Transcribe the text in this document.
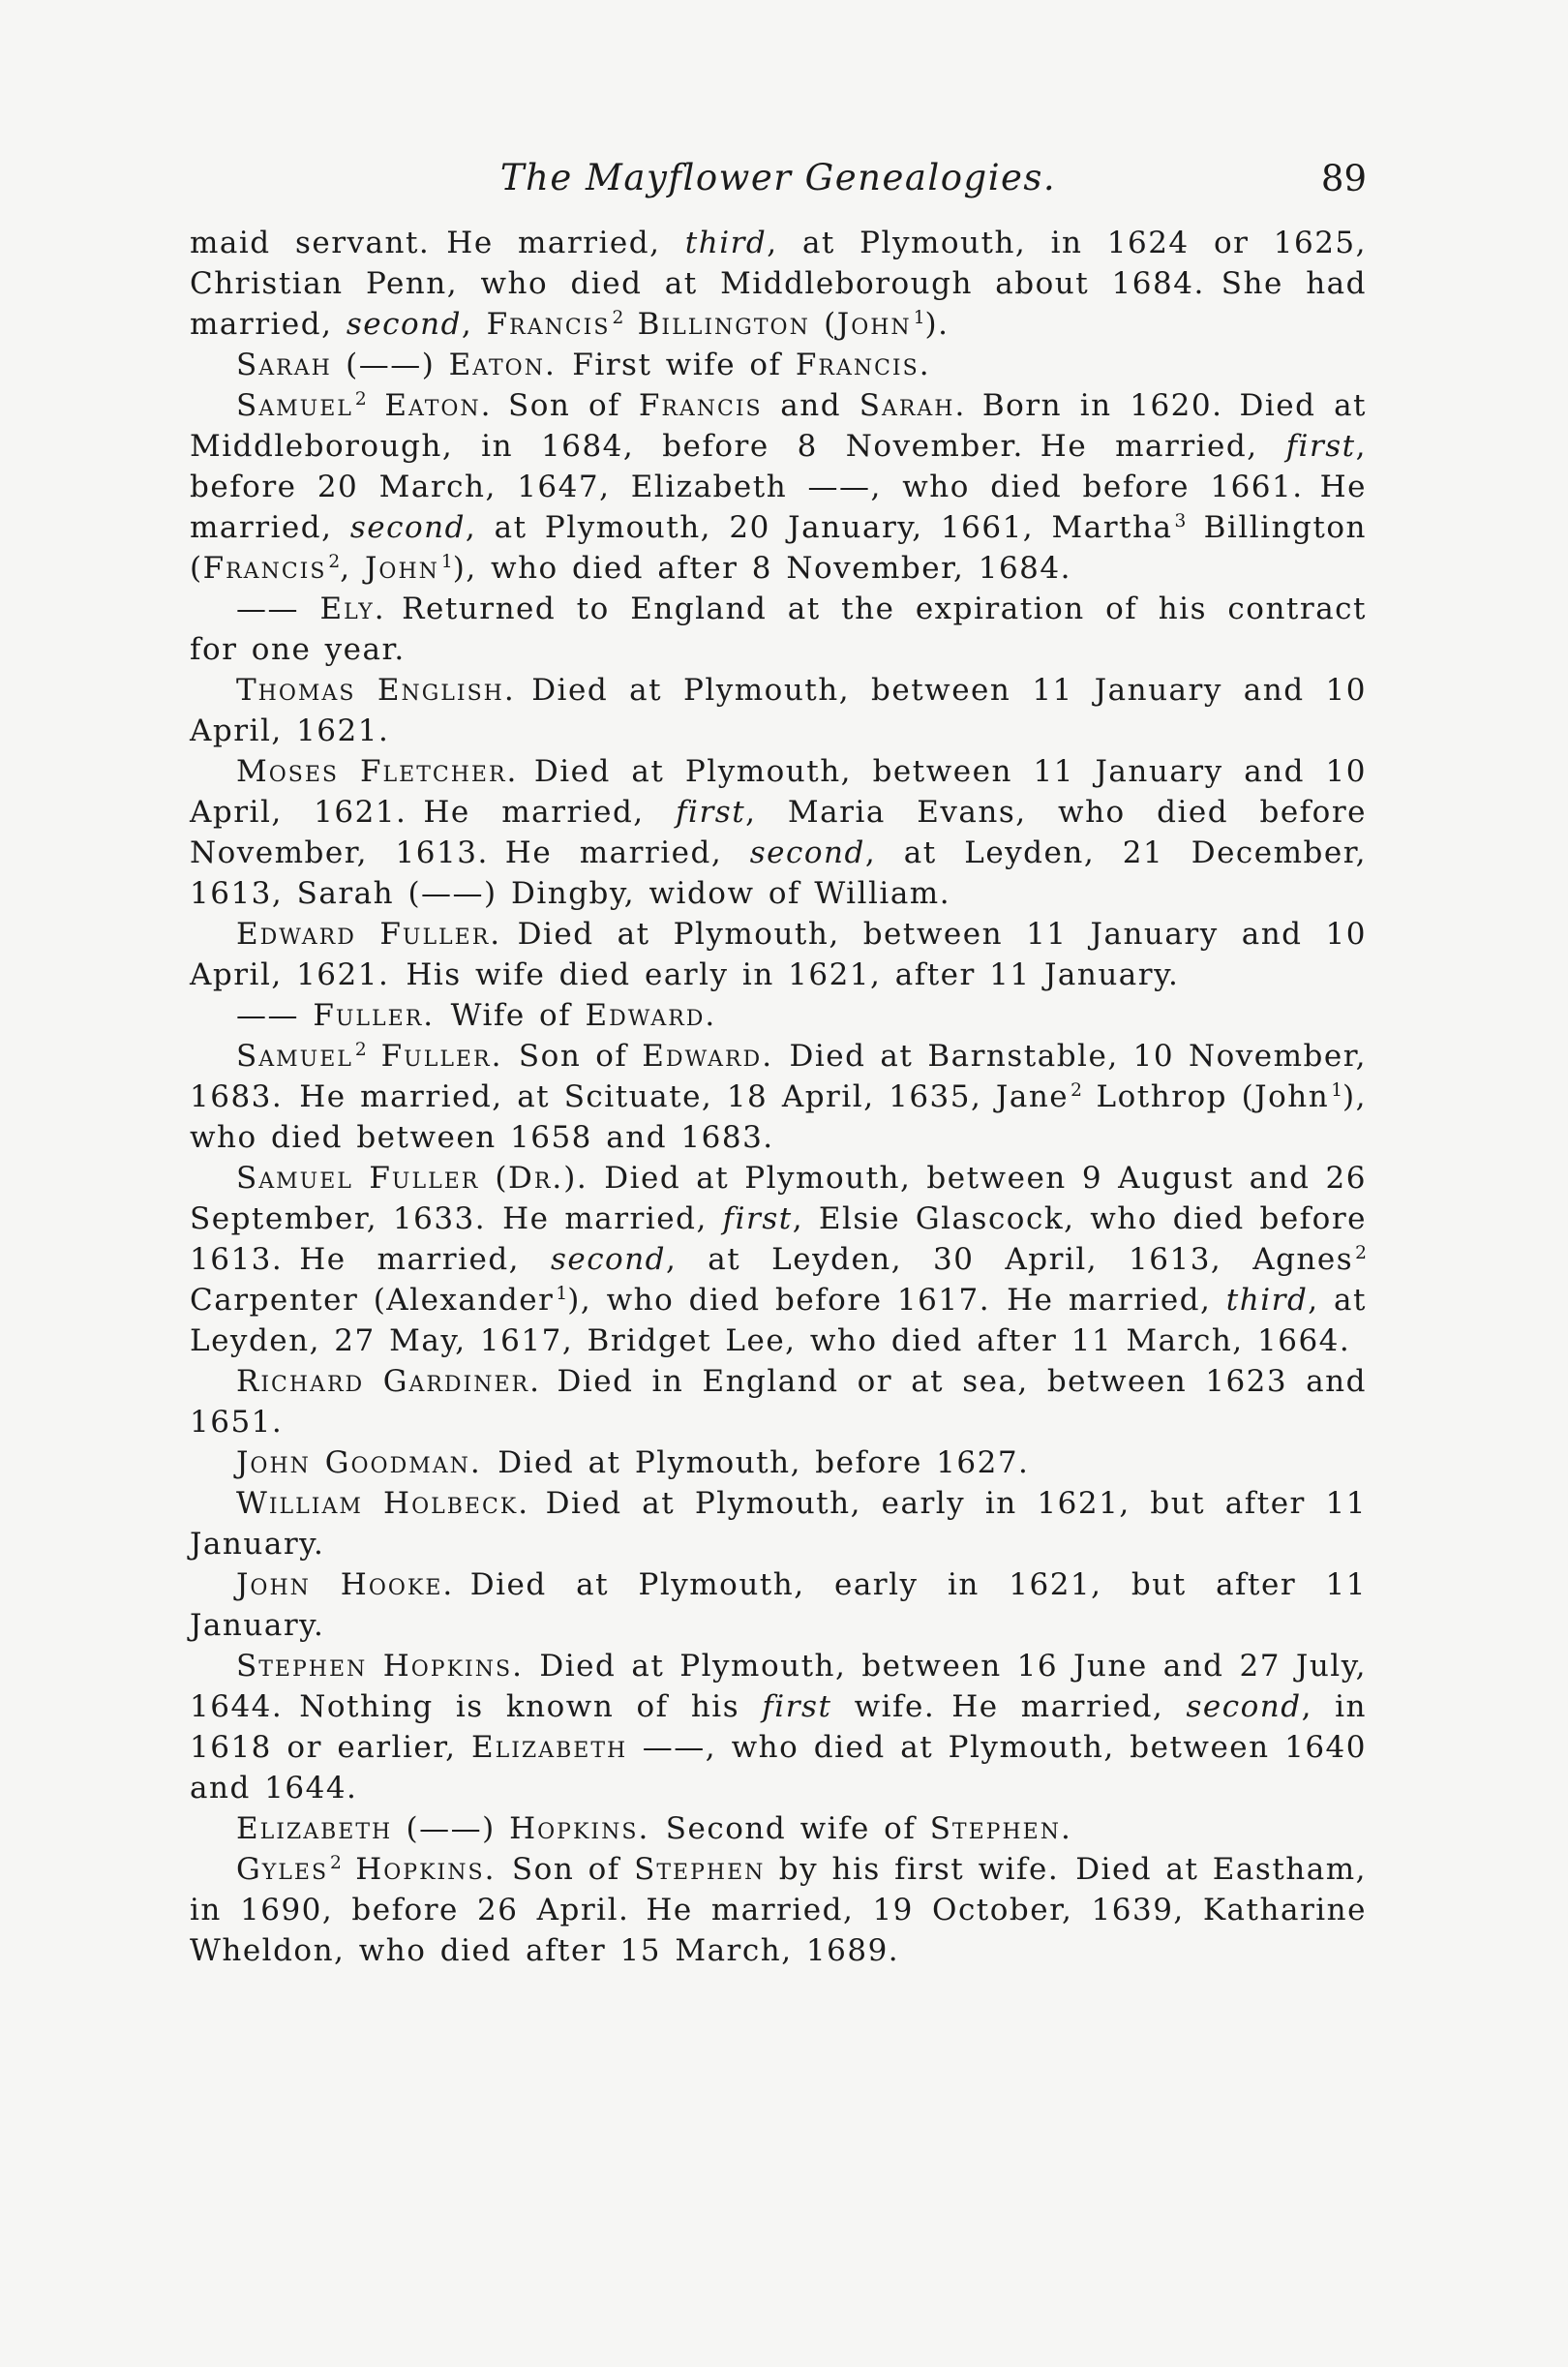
The Mayflower Genealogies.	89

maid servant. He married, third, at Plymouth, in 1624 or 1625, Christian Penn, who died at Middleborough about 1684. She had married, second, Francis $^2$ Billington (John $^1$).

Sarah (——) Eaton. First wife of Francis.

Samuel $^2$ Eaton. Son of Francis and Sarah. Born in 1620. Died at Middleborough, in 1684, before 8 November. He married, first, before 20 March, 1647, Elizabeth ——, who died before 1661. He married, second, at Plymouth, 20 January, 1661, Martha $^3$ Billington (Francis $^2$, John $^1$), who died after 8 November, 1684.

—— Ely. Returned to England at the expiration of his contract for one year.

Thomas English. Died at Plymouth, between 11 January and 10 April, 1621.

Moses Fletcher. Died at Plymouth, between 11 January and 10 April, 1621. He married, first, Maria Evans, who died before November, 1613. He married, second, at Leyden, 21 December, 1613, Sarah (——) Dingby, widow of William.

Edward Fuller. Died at Plymouth, between 11 January and 10 April, 1621. His wife died early in 1621, after 11 January.

—— Fuller. Wife of Edward.

Samuel $^2$ Fuller. Son of Edward. Died at Barnstable, 10 November, 1683. He married, at Scituate, 18 April, 1635, Jane $^2$ Lothrop (John $^1$), who died between 1658 and 1683.

Samuel Fuller (Dr.). Died at Plymouth, between 9 August and 26 September, 1633. He married, first, Elsie Glascock, who died before 1613. He married, second, at Leyden, 30 April, 1613, Agnes $^2$ Carpenter (Alexander $^1$), who died before 1617. He married, third, at Leyden, 27 May, 1617, Bridget Lee, who died after 11 March, 1664.

Richard Gardiner. Died in England or at sea, between 1623 and 1651.

John Goodman. Died at Plymouth, before 1627.

William Holbeck. Died at Plymouth, early in 1621, but after 11 January.

John Hooke. Died at Plymouth, early in 1621, but after 11 January.

Stephen Hopkins. Died at Plymouth, between 16 June and 27 July, 1644. Nothing is known of his first wife. He married, second, in 1618 or earlier, Elizabeth ——, who died at Plymouth, between 1640 and 1644.

Elizabeth (——) Hopkins. Second wife of Stephen.

Gyles $^2$ Hopkins. Son of Stephen by his first wife. Died at Eastham, in 1690, before 26 April. He married, 19 October, 1639, Katharine Wheldon, who died after 15 March, 1689.
